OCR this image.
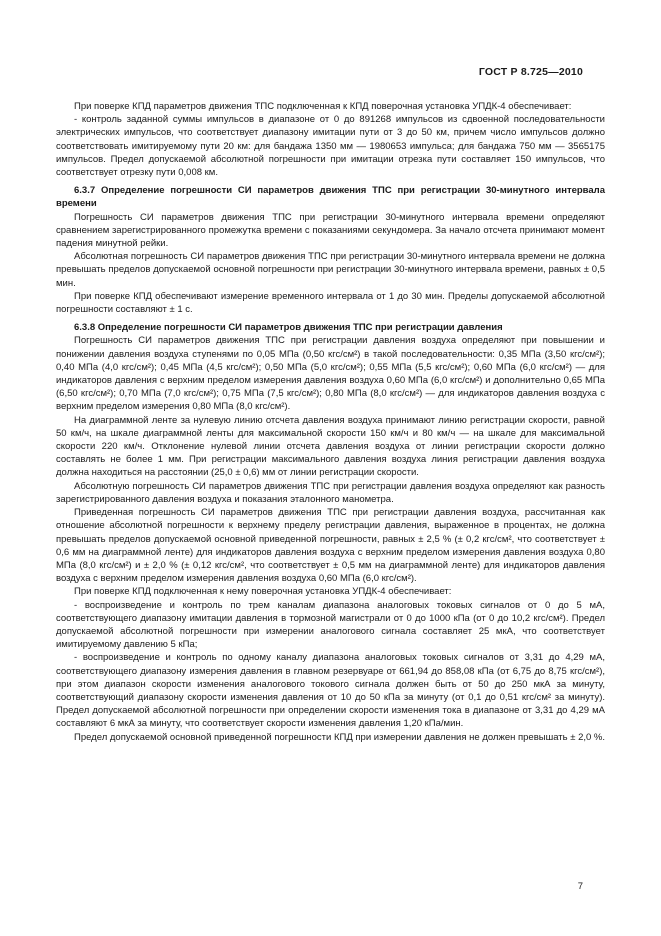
ГОСТ Р 8.725—2010

При поверке КПД параметров движения ТПС подключенная к КПД поверочная установка УПДК-4 обеспечивает:

- контроль заданной суммы импульсов в диапазоне от 0 до 891268 импульсов из сдвоенной последовательности электрических импульсов, что соответствует диапазону имитации пути от 3 до 50 км, причем число импульсов должно соответствовать имитируемому пути 20 км: для бандажа 1350 мм — 1980653 импульса; для бандажа 750 мм — 3565175 импульсов. Предел допускаемой абсолютной погрешности при имитации отрезка пути составляет 150 импульсов, что соответствует отрезку пути 0,008 км.

6.3.7 Определение погрешности СИ параметров движения ТПС при регистрации 30-минутного интервала времени

Погрешность СИ параметров движения ТПС при регистрации 30-минутного интервала времени определяют сравнением зарегистрированного промежутка времени с показаниями секундомера. За начало отсчета принимают момент падения минутной рейки.

Абсолютная погрешность СИ параметров движения ТПС при регистрации 30-минутного интервала времени не должна превышать пределов допускаемой основной погрешности при регистрации 30-минутного интервала времени, равных ± 0,5 мин.

При поверке КПД обеспечивают измерение временного интервала от 1 до 30 мин. Пределы допускаемой абсолютной погрешности составляют ± 1 с.

6.3.8 Определение погрешности СИ параметров движения ТПС при регистрации давления

Погрешность СИ параметров движения ТПС при регистрации давления воздуха определяют при повышении и понижении давления воздуха ступенями по 0,05 МПа (0,50 кгс/см²) в такой последовательности: 0,35 МПа (3,50 кгс/см²); 0,40 МПа (4,0 кгс/см²); 0,45 МПа (4,5 кгс/см²); 0,50 МПа (5,0 кгс/см²); 0,55 МПа (5,5 кгс/см²); 0,60 МПа (6,0 кгс/см²) — для индикаторов давления с верхним пределом измерения давления воздуха 0,60 МПа (6,0 кгс/см²) и дополнительно 0,65 МПа (6,50 кгс/см²); 0,70 МПа (7,0 кгс/см²); 0,75 МПа (7,5 кгс/см²); 0,80 МПа (8,0 кгс/см²) — для индикаторов давления воздуха с верхним пределом измерения 0,80 МПа (8,0 кгс/см²).

На диаграммной ленте за нулевую линию отсчета давления воздуха принимают линию регистрации скорости, равной 50 км/ч, на шкале диаграммной ленты для максимальной скорости 150 км/ч и 80 км/ч — на шкале для максимальной скорости 220 км/ч. Отклонение нулевой линии отсчета давления воздуха от линии регистрации скорости должно составлять не более 1 мм. При регистрации максимального давления воздуха линия регистрации давления воздуха должна находиться на расстоянии (25,0 ± 0,6) мм от линии регистрации скорости.

Абсолютную погрешность СИ параметров движения ТПС при регистрации давления воздуха определяют как разность зарегистрированного давления воздуха и показания эталонного манометра.

Приведенная погрешность СИ параметров движения ТПС при регистрации давления воздуха, рассчитанная как отношение абсолютной погрешности к верхнему пределу регистрации давления, выраженное в процентах, не должна превышать пределов допускаемой основной приведенной погрешности, равных ± 2,5 % (± 0,2 кгс/см², что соответствует ± 0,6 мм на диаграммной ленте) для индикаторов давления воздуха с верхним пределом измерения давления воздуха 0,80 МПа (8,0 кгс/см²) и ± 2,0 % (± 0,12 кгс/см², что соответствует ± 0,5 мм на диаграммной ленте) для индикаторов давления воздуха с верхним пределом измерения давления воздуха 0,60 МПа (6,0 кгс/см²).

При поверке КПД подключенная к нему поверочная установка УПДК-4 обеспечивает:

- воспроизведение и контроль по трем каналам диапазона аналоговых токовых сигналов от 0 до 5 мА, соответствующего диапазону имитации давления в тормозной магистрали от 0 до 1000 кПа (от 0 до 10,2 кгс/см²). Предел допускаемой абсолютной погрешности при измерении аналогового сигнала составляет 25 мкА, что соответствует имитируемому давлению 5 кПа;

- воспроизведение и контроль по одному каналу диапазона аналоговых токовых сигналов от 3,31 до 4,29 мА, соответствующего диапазону измерения давления в главном резервуаре от 661,94 до 858,08 кПа (от 6,75 до 8,75 кгс/см²), при этом диапазон скорости изменения аналогового токового сигнала должен быть от 50 до 250 мкА за минуту, соответствующий диапазону скорости изменения давления от 10 до 50 кПа за минуту (от 0,1 до 0,51 кгс/см² за минуту). Предел допускаемой абсолютной погрешности при определении скорости изменения тока в диапазоне от 3,31 до 4,29 мА составляют 6 мкА за минуту, что соответствует скорости изменения давления 1,20 кПа/мин.

Предел допускаемой основной приведенной погрешности КПД при измерении давления не должен превышать ± 2,0 %.

7
